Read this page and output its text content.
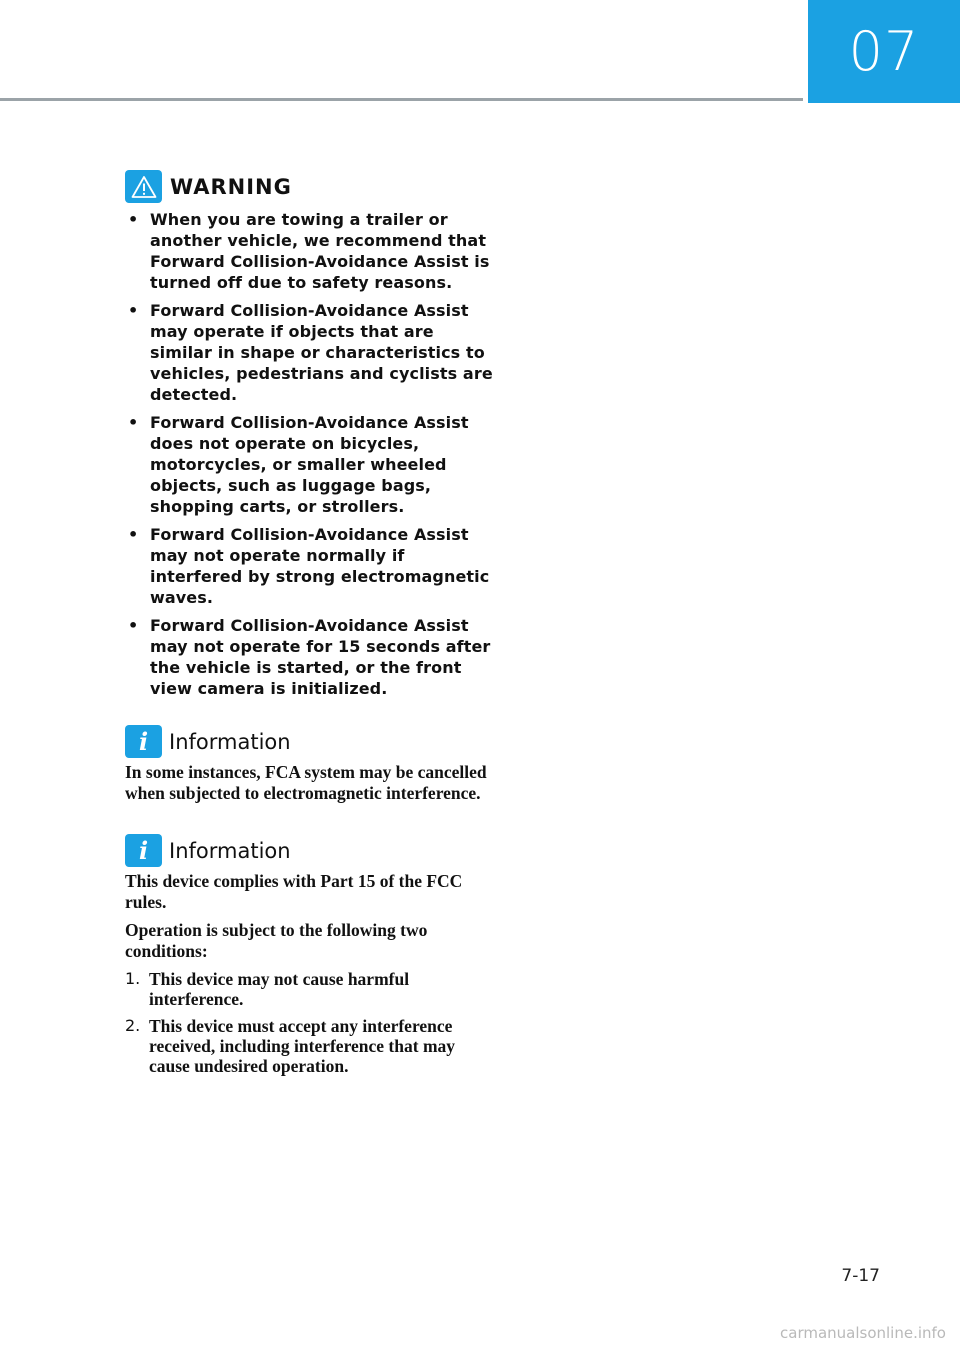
07
WARNING
• When you are towing a trailer or another vehicle, we recommend that Forward Collision-Avoidance Assist is turned off due to safety reasons.
• Forward Collision-Avoidance Assist may operate if objects that are similar in shape or characteristics to vehicles, pedestrians and cyclists are detected.
• Forward Collision-Avoidance Assist does not operate on bicycles, motorcycles, or smaller wheeled objects, such as luggage bags, shopping carts, or strollers.
• Forward Collision-Avoidance Assist may not operate normally if interfered by strong electromagnetic waves.
• Forward Collision-Avoidance Assist may not operate for 15 seconds after the vehicle is started, or the front view camera is initialized.
i Information

In some instances, FCA system may be cancelled when subjected to electromagnetic interference.

i Information

This device complies with Part 15 of the FCC rules.

Operation is subject to the following two conditions:

1. This device may not cause harmful interference.
2. This device must accept any interference received, including interference that may cause undesired operation.
7-17
carmanualsonline.info
